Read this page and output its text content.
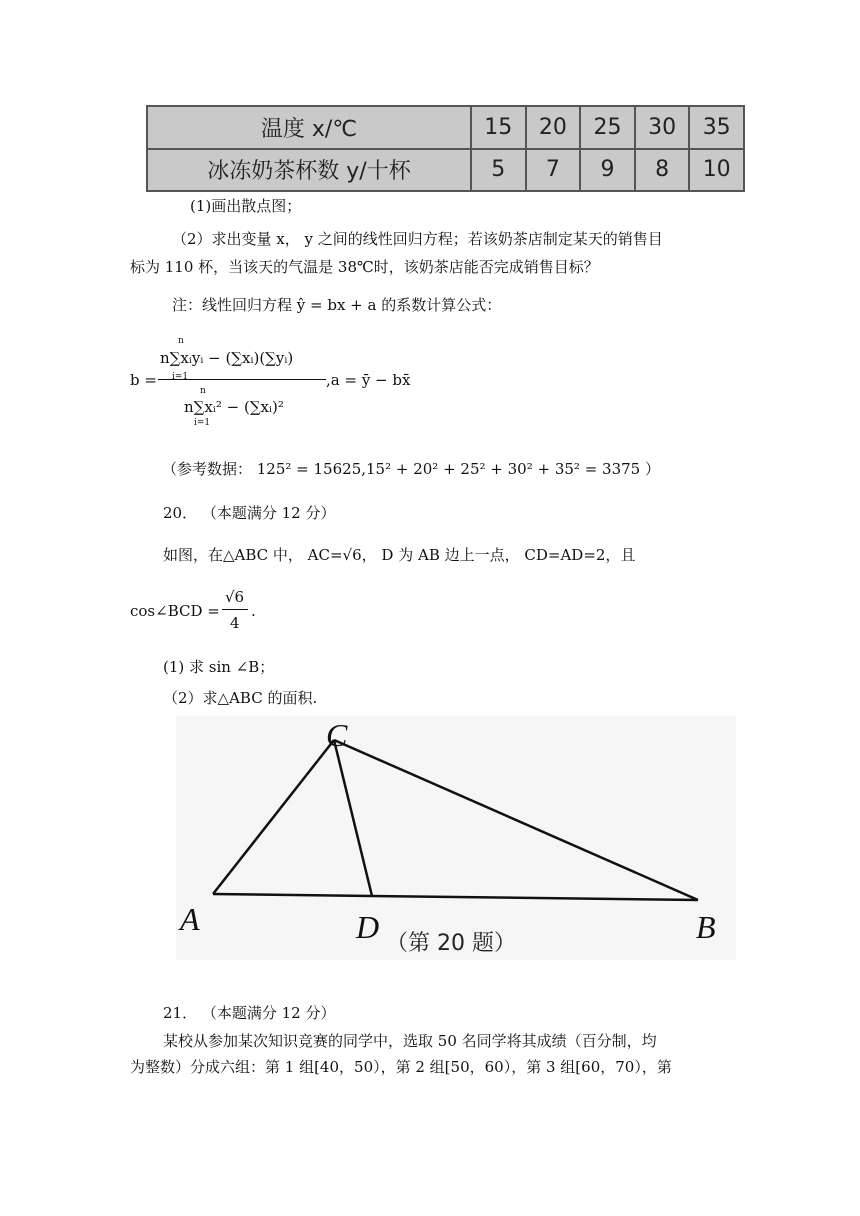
温度 x/℃	15	20	25	30	35
冰冻奶茶杯数 y/十杯	5	7	9	8	10
(1)画出散点图；
（2）求出变量 x， y 之间的线性回归方程；若该奶茶店制定某天的销售目
标为 110 杯，当该天的气温是 38℃时，该奶茶店能否完成销售目标？
注：线性回归方程 ŷ = bx + a 的系数计算公式：
b =
n
i=1
n∑xᵢyᵢ − (∑xᵢ)(∑yᵢ)
n
i=1
n∑xᵢ² − (∑xᵢ)²
,a = ȳ − bx̄
（参考数据： 125² = 15625,15² + 20² + 25² + 30² + 35² = 3375 ）
20． （本题满分 12 分）
如图，在△ABC 中， AC=√6， D 为 AB 边上一点， CD=AD=2，且
cos∠BCD =
√6
4
.
(1) 求 sin ∠B；
（2）求△ABC 的面积.
C
A	D	B
（第 20 题）
21． （本题满分 12 分）
某校从参加某次知识竞赛的同学中，选取 50 名同学将其成绩（百分制，均
为整数）分成六组：第 1 组[40，50），第 2 组[50，60），第 3 组[60，70），第
